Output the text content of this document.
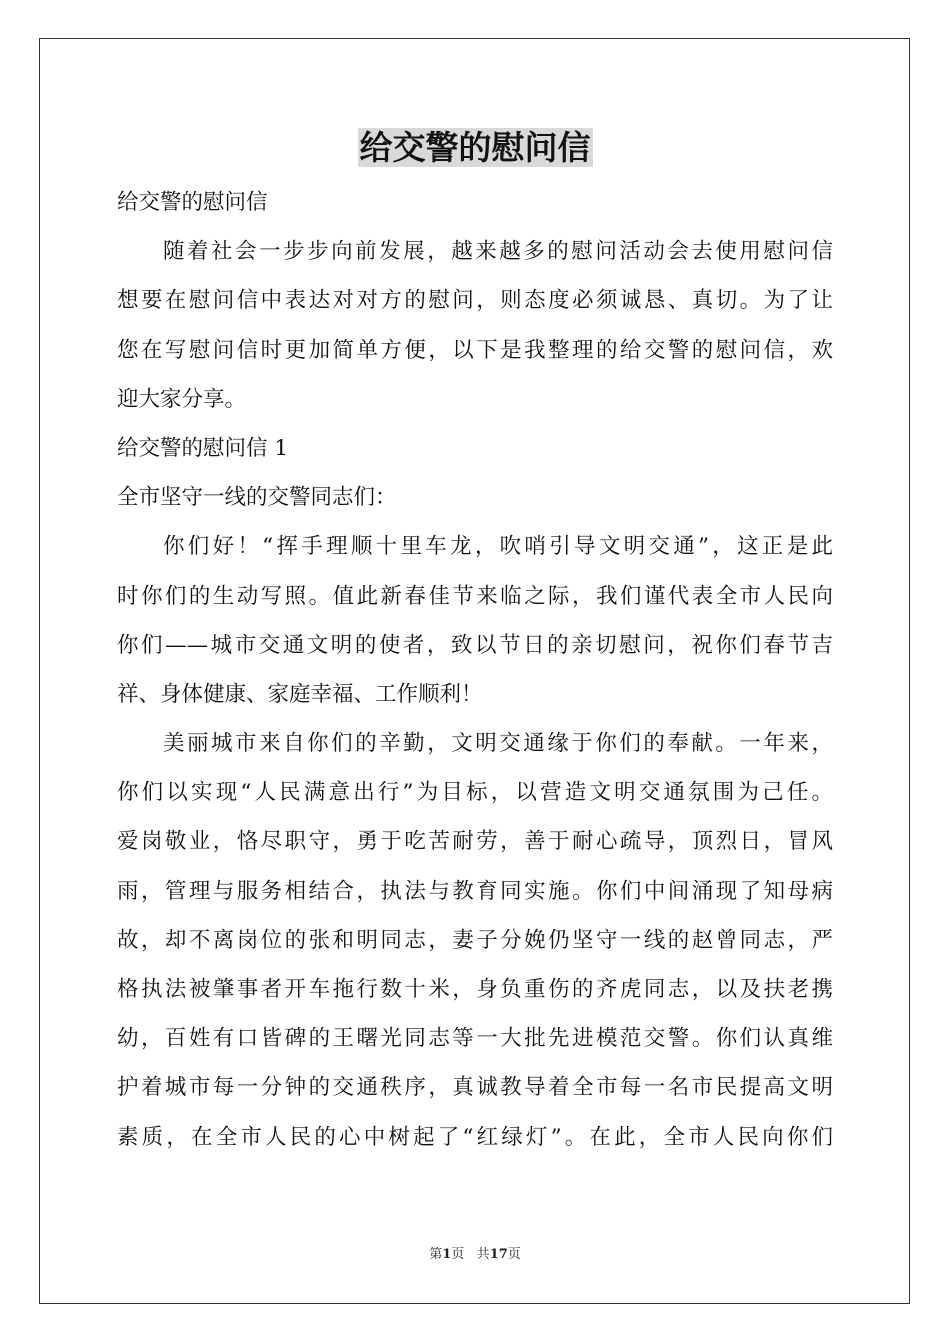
给交警的慰问信
给交警的慰问信
随着社会一步步向前发展，越来越多的慰问活动会去使用慰问信
想要在慰问信中表达对对方的慰问，则态度必须诚恳、真切。为了让
您在写慰问信时更加简单方便，以下是我整理的给交警的慰问信，欢
迎大家分享。
给交警的慰问信 1
全市坚守一线的交警同志们：
你们好！“挥手理顺十里车龙，吹哨引导文明交通”，这正是此
时你们的生动写照。值此新春佳节来临之际，我们谨代表全市人民向
你们——城市交通文明的使者，致以节日的亲切慰问，祝你们春节吉
祥、身体健康、家庭幸福、工作顺利！
美丽城市来自你们的辛勤，文明交通缘于你们的奉献。一年来，
你们以实现“人民满意出行”为目标，以营造文明交通氛围为己任。
爱岗敬业，恪尽职守，勇于吃苦耐劳，善于耐心疏导，顶烈日，冒风
雨，管理与服务相结合，执法与教育同实施。你们中间涌现了知母病
故，却不离岗位的张和明同志，妻子分娩仍坚守一线的赵曾同志，严
格执法被肇事者开车拖行数十米，身负重伤的齐虎同志，以及扶老携
幼，百姓有口皆碑的王曙光同志等一大批先进模范交警。你们认真维
护着城市每一分钟的交通秩序，真诚教导着全市每一名市民提高文明
素质，在全市人民的心中树起了“红绿灯”。在此，全市人民向你们
第1页 共17页
